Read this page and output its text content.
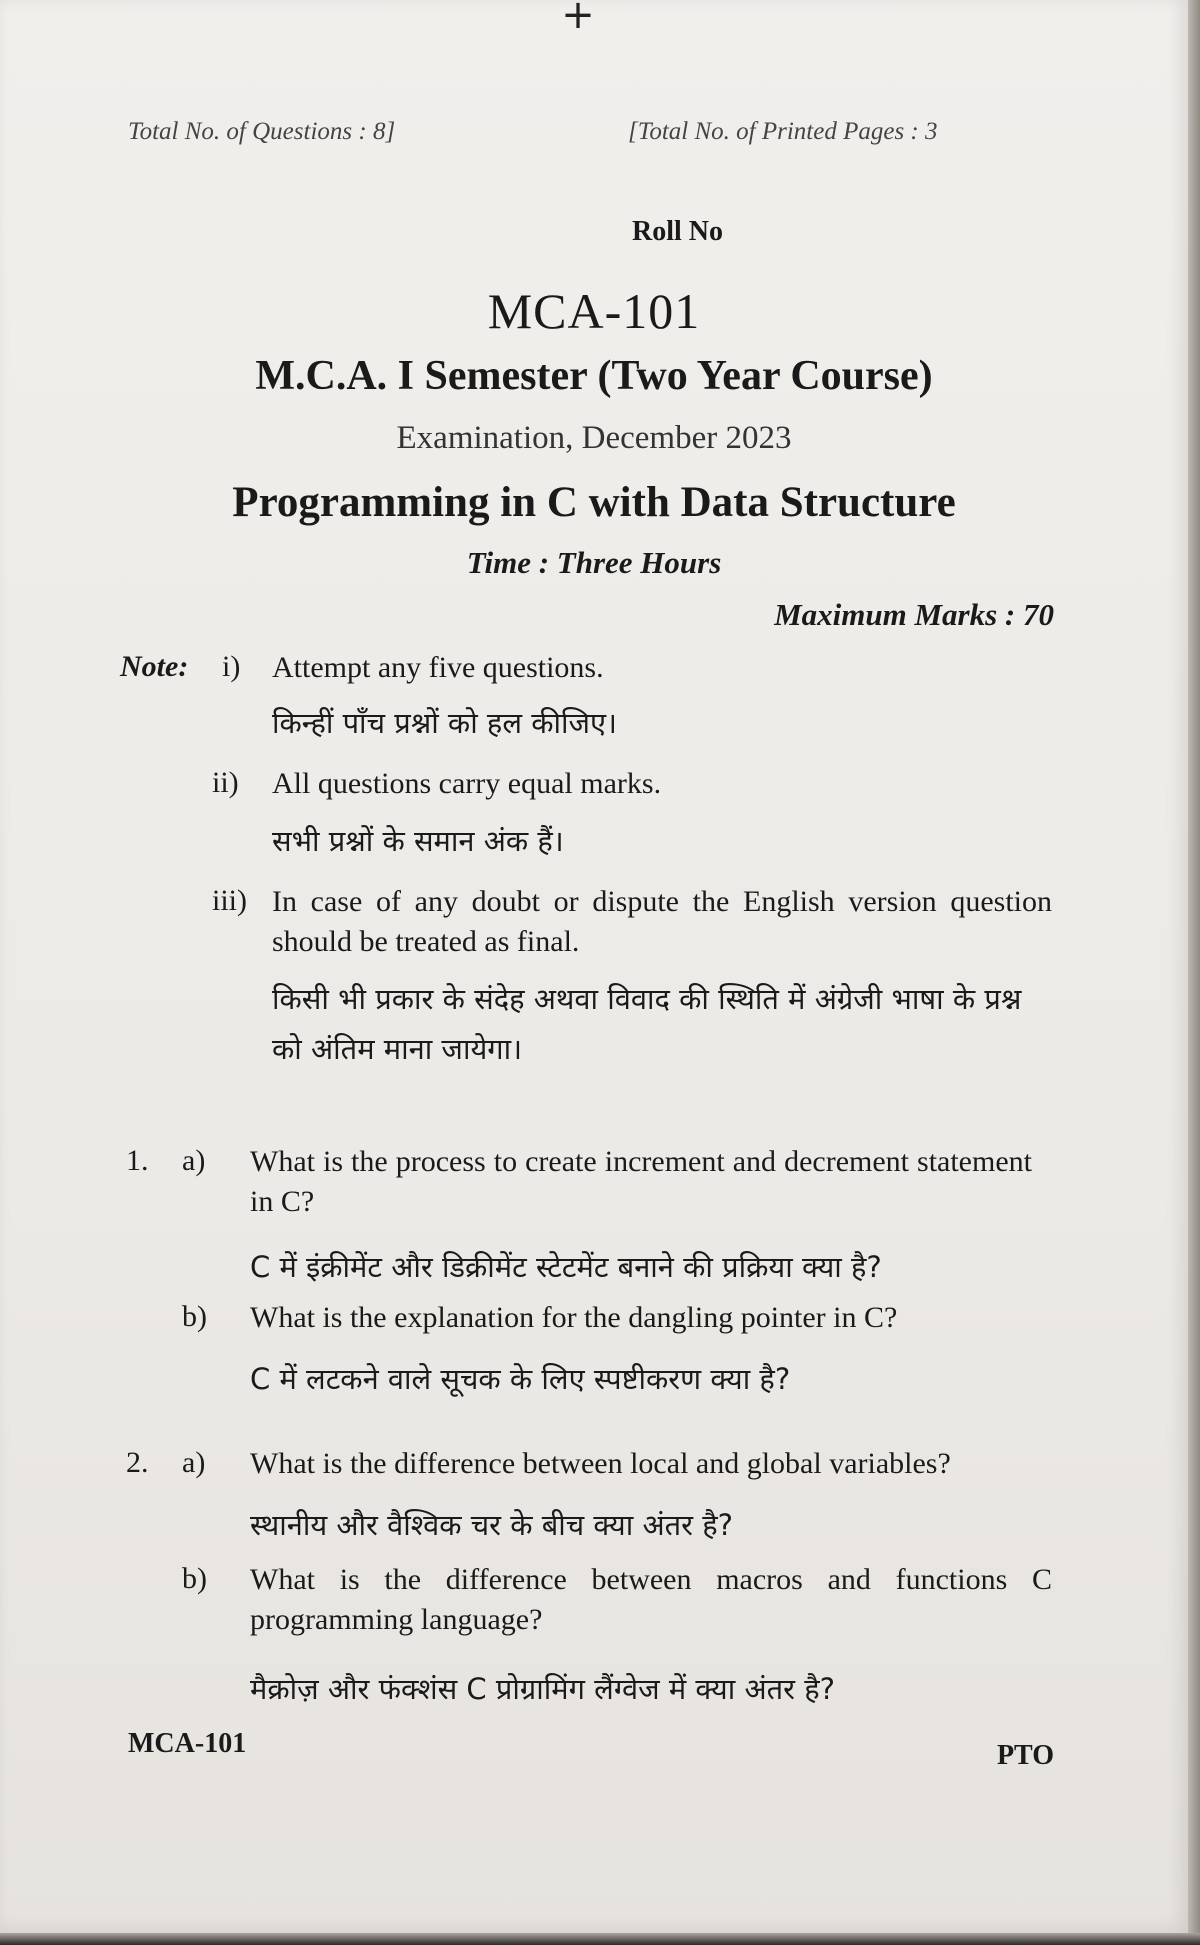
+
Total No. of Questions : 8]	[Total No. of Printed Pages : 3
Roll No
MCA-101
M.C.A. I Semester (Two Year Course)
Examination, December 2023
Programming in C with Data Structure
Time : Three Hours
Maximum Marks : 70
Note: i) Attempt any five questions.
किन्हीं पाँच प्रश्नों को हल कीजिए।
ii) All questions carry equal marks.
सभी प्रश्नों के समान अंक हैं।
iii) In case of any doubt or dispute the English version question should be treated as final.
किसी भी प्रकार के संदेह अथवा विवाद की स्थिति में अंग्रेजी भाषा के प्रश्न को अंतिम माना जायेगा।
1. a) What is the process to create increment and decrement statement in C?
C में इंक्रीमेंट और डिक्रीमेंट स्टेटमेंट बनाने की प्रक्रिया क्या है?
b) What is the explanation for the dangling pointer in C?
C में लटकने वाले सूचक के लिए स्पष्टीकरण क्या है?
2. a) What is the difference between local and global variables?
स्थानीय और वैश्विक चर के बीच क्या अंतर है?
b) What is the difference between macros and functions C programming language?
मैक्रोज़ और फंक्शंस C प्रोग्रामिंग लैंग्वेज में क्या अंतर है?
MCA-101	PTO
